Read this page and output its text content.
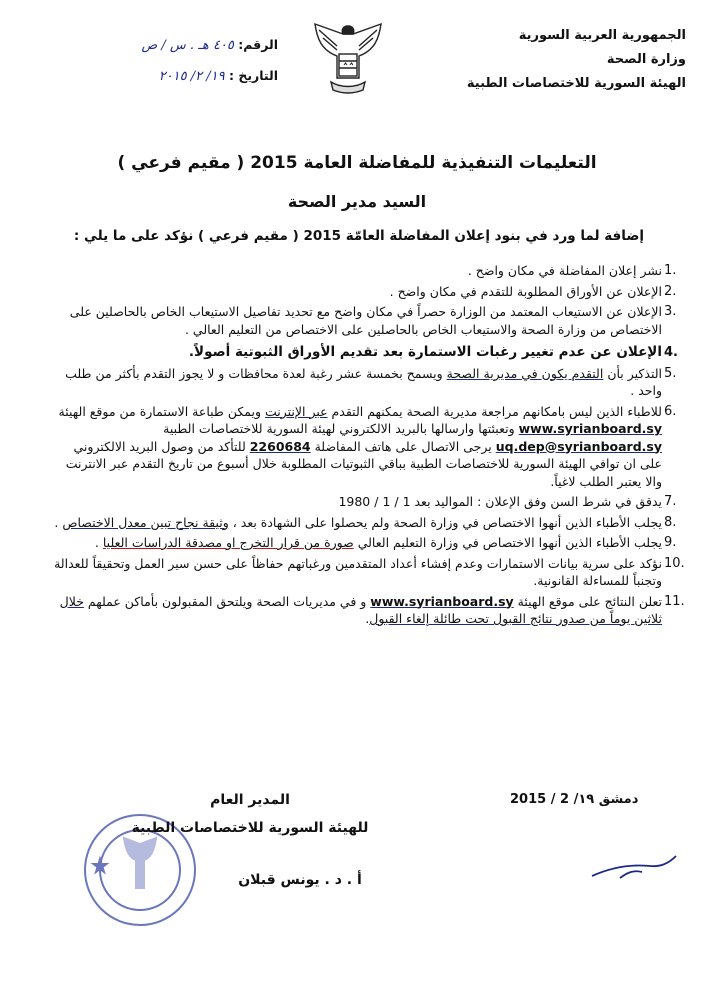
الجمهورية العربية السورية
وزارة الصحة
الهيئة السورية للاختصاصات الطبية
الرقم: ٤٠٥ هـ . س / ص
التاريخ : ١٩/ ٢/ ٢٠١٥
التعليمات التنفيذية للمفاضلة العامة 2015 ( مقيم فرعي )
السيد مدير الصحة
إضافة لما ورد في بنود إعلان المفاضلة العامّة 2015 ( مقيم فرعي ) نؤكد على ما يلي :
1.
نشر إعلان المفاضلة في مكان واضح .
2.
الإعلان عن الأوراق المطلوبة للتقدم في مكان واضح .
3.
الإعلان عن الاستيعاب المعتمد من الوزارة حصراً في مكان واضح مع تحديد تفاصيل الاستيعاب الخاص بالحاصلين على الاختصاص من وزارة الصحة والاستيعاب الخاص بالحاصلين على الاختصاص من التعليم العالي .
4.
الإعلان عن عدم تغيير رغبات الاستمارة بعد تقديم الأوراق الثبوتية أصولاً.
5.
التذكير بأن التقدم يكون في مديرية الصحة ويسمح بخمسة عشر رغبة لعدة محافظات و لا يجوز التقدم بأكثر من طلب واحد .
6.
للاطباء الذين ليس بامكانهم مراجعة مديرية الصحة يمكنهم التقدم عبر الإنترنت ويمكن طباعة الاستمارة من موقع الهيئة www.syrianboard.sy وتعبئتها وارسالها بالبريد الالكتروني لهيئة السورية للاختصاصات الطبية uq.dep@syrianboard.sy يرجى الاتصال على هاتف المفاضلة 2260684 للتأكد من وصول البريد الالكتروني على ان توافي الهيئة السورية للاختصاصات الطبية بباقي الثبوتيات المطلوبة خلال أسبوع من تاريخ التقدم عبر الانترنت والا يعتبر الطلب لاغياً.
7.
يدقق في شرط السن وفق الإعلان : المواليد بعد 1 / 1 / 1980
8.
يجلب الأطباء الذين أنهوا الاختصاص في وزارة الصحة ولم يحصلوا على الشهادة بعد ، وثيقة نجاح تبين معدل الاختصاص .
9.
يجلب الأطباء الذين أنهوا الاختصاص في وزارة التعليم العالي صورة من قرار التخرج او مصدقة الدراسات العليا .
10.
نؤكد على سرية بيانات الاستمارات وعدم إفشاء أعداد المتقدمين ورغباتهم حفاظاً على حسن سير العمل وتحقيقاً للعدالة وتجنباً للمساءلة القانونية.
11.
تعلن النتائج على موقع الهيئة www.syrianboard.sy و في مديريات الصحة ويلتحق المقبولون بأماكن عملهم خلال ثلاثين يوماً من صدور نتائج القبول تحت طائلة إلغاء القبول.
دمشق ١٩/ 2 / 2015
المدير العام
للهيئة السورية للاختصاصات الطبية
أ . د . يونس قبلان
